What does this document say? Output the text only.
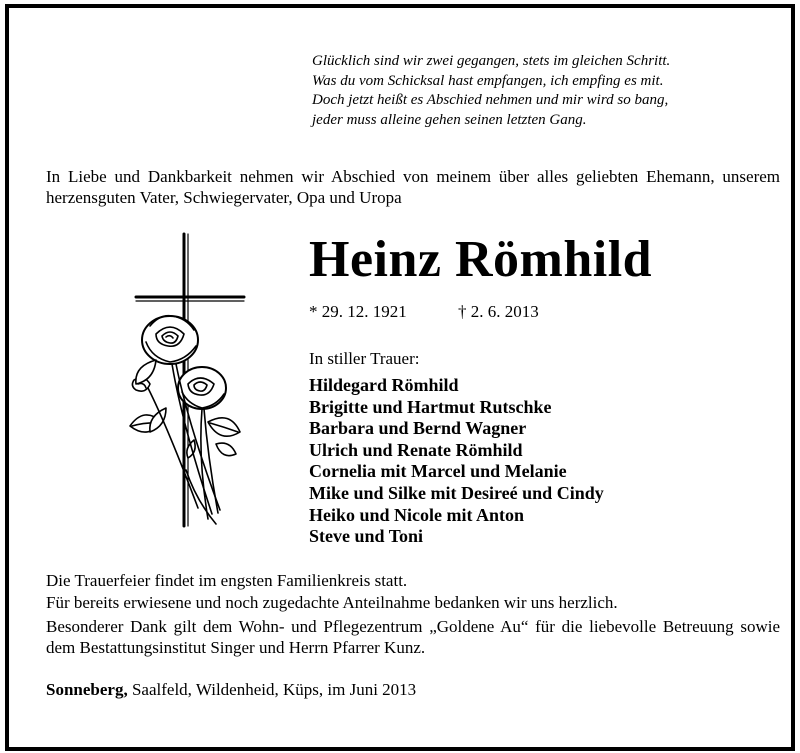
Glücklich sind wir zwei gegangen, stets im gleichen Schritt.
Was du vom Schicksal hast empfangen, ich empfing es mit.
Doch jetzt heißt es Abschied nehmen und mir wird so bang,
jeder muss alleine gehen seinen letzten Gang.
In Liebe und Dankbarkeit nehmen wir Abschied von meinem über alles geliebten Ehemann, unserem herzensguten Vater, Schwiegervater, Opa und Uropa
Heinz Römhild
* 29. 12. 1921	† 2. 6. 2013
In stiller Trauer:
Hildegard Römhild
Brigitte und Hartmut Rutschke
Barbara und Bernd Wagner
Ulrich und Renate Römhild
Cornelia mit Marcel und Melanie
Mike und Silke mit Desireé und Cindy
Heiko und Nicole mit Anton
Steve und Toni
Die Trauerfeier findet im engsten Familienkreis statt.
Für bereits erwiesene und noch zugedachte Anteilnahme bedanken wir uns herzlich.
Besonderer Dank gilt dem Wohn- und Pflegezentrum „Goldene Au“ für die liebevolle Betreuung sowie dem Bestattungsinstitut Singer und Herrn Pfarrer Kunz.
Sonneberg, Saalfeld, Wildenheid, Küps, im Juni 2013
